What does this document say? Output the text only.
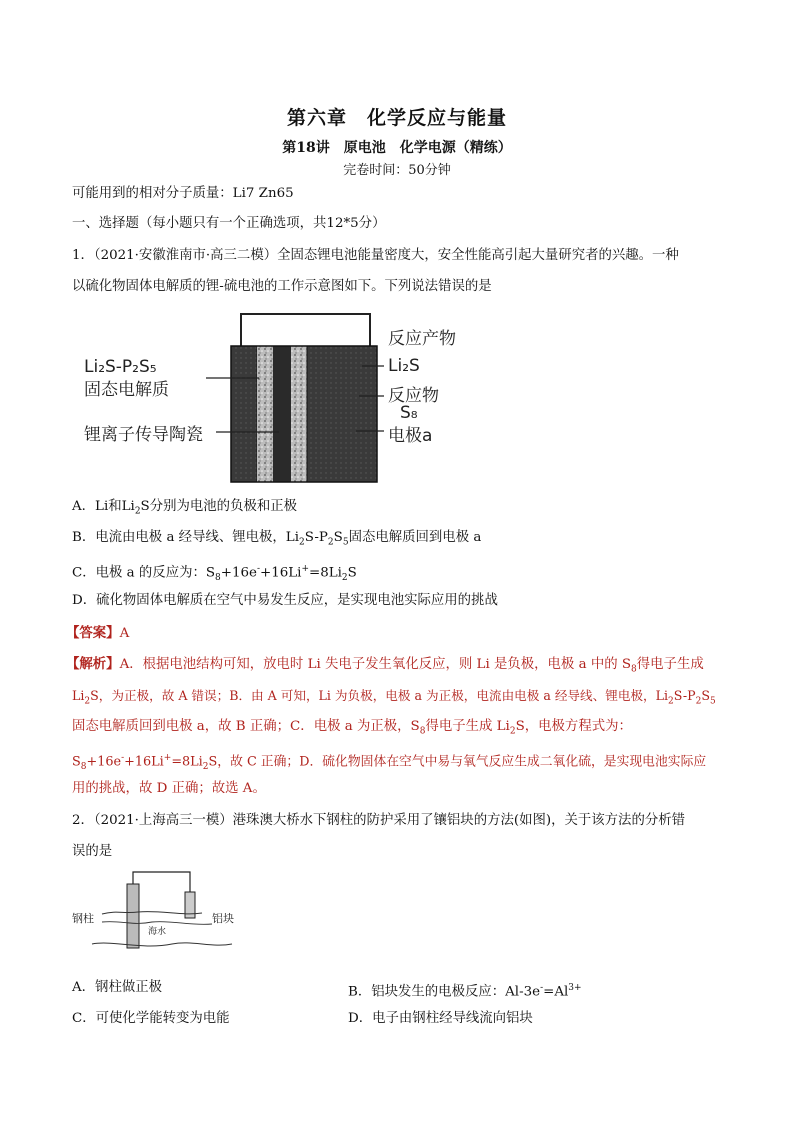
第六章　化学反应与能量
第18讲　原电池　化学电源（精练）
完卷时间：50分钟
可能用到的相对分子质量：Li7 Zn65
一、选择题（每小题只有一个正确选项，共12*5分）
1．（2021·安徽淮南市·高三二模）全固态锂电池能量密度大，安全性能高引起大量研究者的兴趣。一种
以硫化物固体电解质的锂-硫电池的工作示意图如下。下列说法错误的是
Li₂S-P₂S₅
固态电解质
锂离子传导陶瓷
反应产物
Li₂S
反应物
S₈
电极a
A．Li和$Li_2S$分别为电池的负极和正极
B．电流由电极 a 经导线、锂电极，$Li_2S-P_2S_5$固态电解质回到电极 a
C．电极 a 的反应为：$S_8+16e^-+16Li^+=8Li_2S$
D．硫化物固体电解质在空气中易发生反应，是实现电池实际应用的挑战
【答案】A
【解析】A．根据电池结构可知，放电时 Li 失电子发生氧化反应，则 Li 是负极，电极 a 中的 $S_8$得电子生成
$Li_2S$，为正极，故 A 错误；B．由 A 可知，Li 为负极，电极 a 为正极，电流由电极 a 经导线、锂电极，$Li_2S-P_2S_5$
固态电解质回到电极 a，故 B 正确；C．电极 a 为正极，$S_8$得电子生成 $Li_2S$，电极方程式为：
$S_8+16e^-+16Li^+=8Li_2S$，故 C 正确；D．硫化物固体在空气中易与氧气反应生成二氧化硫，是实现电池实际应
用的挑战，故 D 正确；故选 A。
2．（2021·上海高三一模）港珠澳大桥水下钢柱的防护采用了镶铝块的方法(如图)，关于该方法的分析错
误的是
钢柱
海水
铝块
A．钢柱做正极	B．铝块发生的电极反应：$Al-3e^-=Al^{3+}$
C．可使化学能转变为电能	D．电子由钢柱经导线流向铝块
